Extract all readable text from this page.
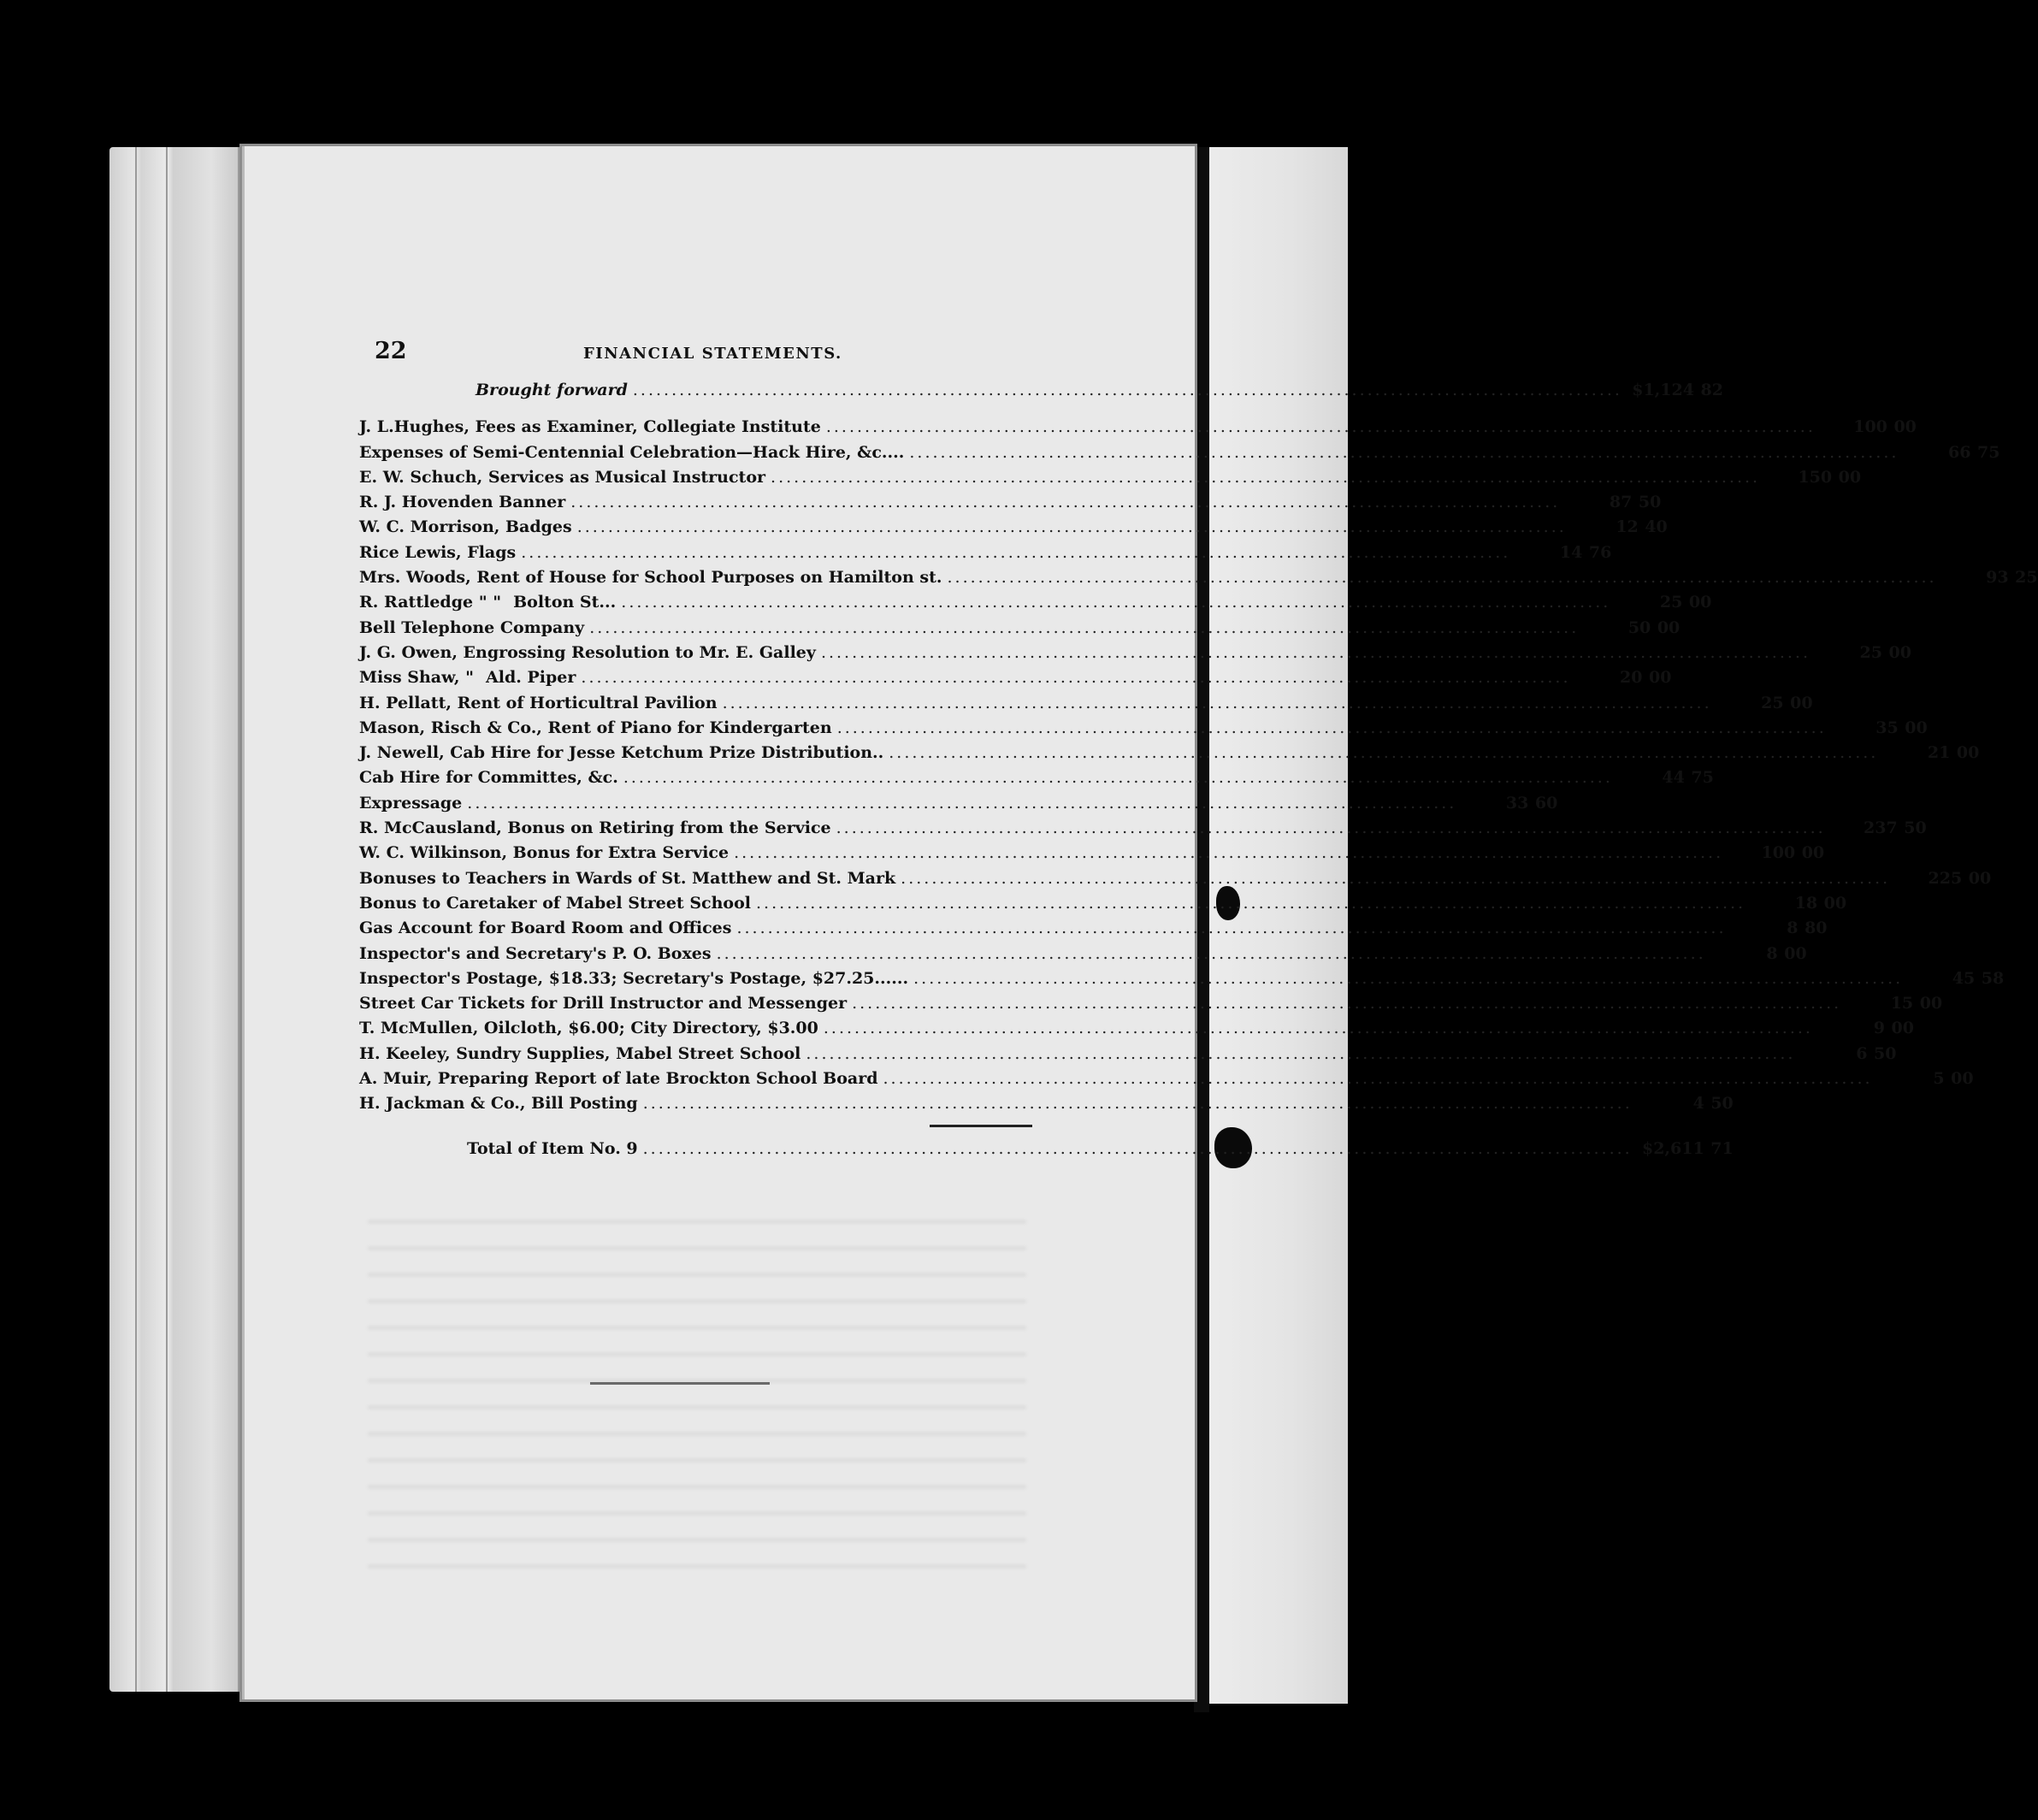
22	FINANCIAL STATEMENTS.
Brought forward .....	$1,124 82
J. L.Hughes, Fees as Examiner, Collegiate Institute .....	100 00
Expenses of Semi-Centennial Celebration—Hack Hire, &c.... .....	66 75
E. W. Schuch, Services as Musical Instructor .....	150 00
R. J. Hovenden Banner .....	87 50
W. C. Morrison, Badges .....	12 40
Rice Lewis, Flags .....	14 76
Mrs. Woods, Rent of House for School Purposes on Hamilton st. .....	93 25
R. Rattledge " " Bolton St... .....	25 00
Bell Telephone Company .....	50 00
J. G. Owen, Engrossing Resolution to Mr. E. Galley .....	25 00
Miss Shaw, " Ald. Piper .....	20 00
H. Pellatt, Rent of Horticultral Pavilion .....	25 00
Mason, Risch & Co., Rent of Piano for Kindergarten .....	35 00
J. Newell, Cab Hire for Jesse Ketchum Prize Distribution.. .....	21 00
Cab Hire for Committes, &c. .....	44 75
Expressage .....	33 60
R. McCausland, Bonus on Retiring from the Service .....	237 50
W. C. Wilkinson, Bonus for Extra Service .....	100 00
Bonuses to Teachers in Wards of St. Matthew and St. Mark .....	225 00
Bonus to Caretaker of Mabel Street School .....	18 00
Gas Account for Board Room and Offices .....	8 80
Inspector's and Secretary's P. O. Boxes .....	8 00
Inspector's Postage, $18.33; Secretary's Postage, $27.25...... .....	45 58
Street Car Tickets for Drill Instructor and Messenger .....	15 00
T. McMullen, Oilcloth, $6.00; City Directory, $3.00 .....	9 00
H. Keeley, Sundry Supplies, Mabel Street School .....	6 50
A. Muir, Preparing Report of late Brockton School Board .....	5 00
H. Jackman & Co., Bill Posting .....	4 50
Total of Item No. 9 .....	$2,611 71
